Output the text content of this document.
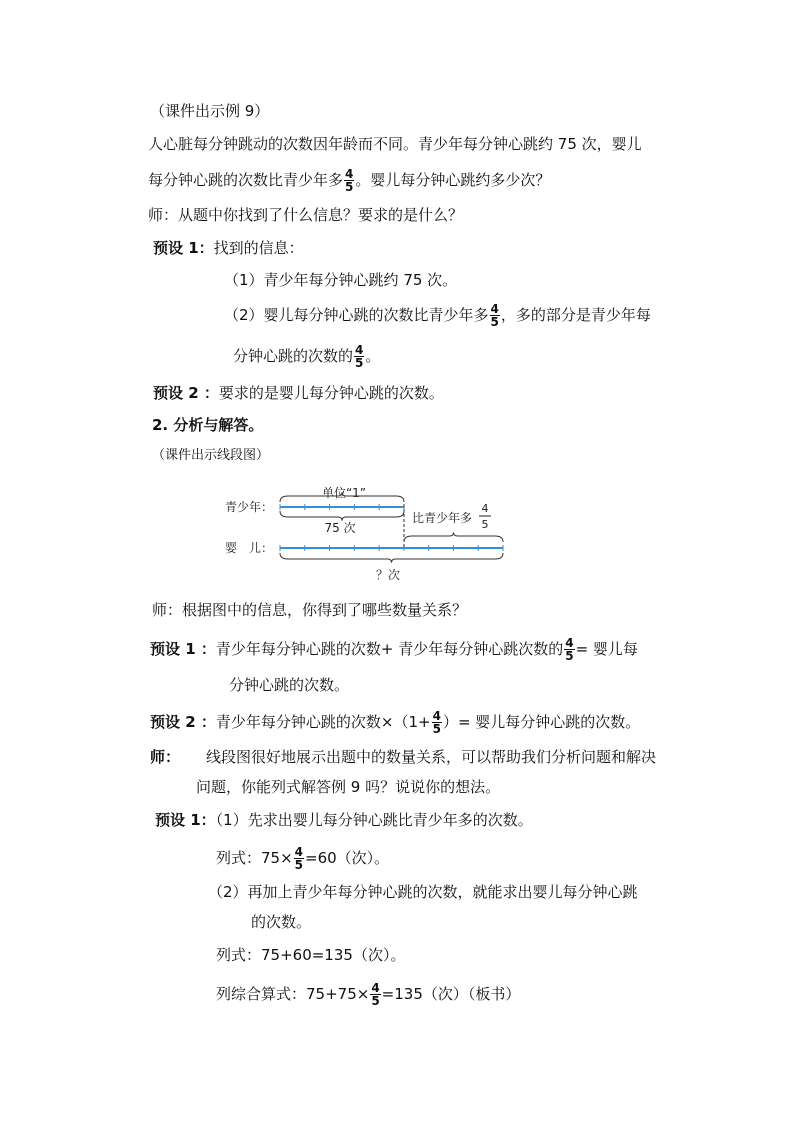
（课件出示例 9）
人心脏每分钟跳动的次数因年龄而不同。青少年每分钟心跳约 75 次，婴儿
每分钟心跳的次数比青少年多 $\frac{4}{5}$ 。婴儿每分钟心跳约多少次？
师：从题中你找到了什么信息？要求的是什么？
预设 1：找到的信息：
（1）青少年每分钟心跳约 75 次。
（2）婴儿每分钟心跳的次数比青少年多 $\frac{4}{5}$ ，多的部分是青少年每
分钟心跳的次数的 $\frac{4}{5}$ 。
预设 2 ：要求的是婴儿每分钟心跳的次数。
2. 分析与解答。
（课件出示线段图）
青少年：
婴　儿：
单位“1”
75 次
比青少年多
4
5
？次
师：根据图中的信息，你得到了哪些数量关系？
预设 1 ：青少年每分钟心跳的次数+ 青少年每分钟心跳次数的 $\frac{4}{5}$ = 婴儿每
分钟心跳的次数。
预设 2 ：青少年每分钟心跳的次数$\times(1+ \frac{4}{5}$ ）= 婴儿每分钟心跳的次数。
师： 线段图很好地展示出题中的数量关系，可以帮助我们分析问题和解决
问题，你能列式解答例 9 吗？说说你的想法。
预设 1：（1）先求出婴儿每分钟心跳比青少年多的次数。
列式：$75\times \frac{4}{5} =60$（次）。
（2）再加上青少年每分钟心跳的次数，就能求出婴儿每分钟心跳
的次数。
列式：75+60=135（次）。
列综合算式：$75+75\times \frac{4}{5} =135$（次）（板书）
